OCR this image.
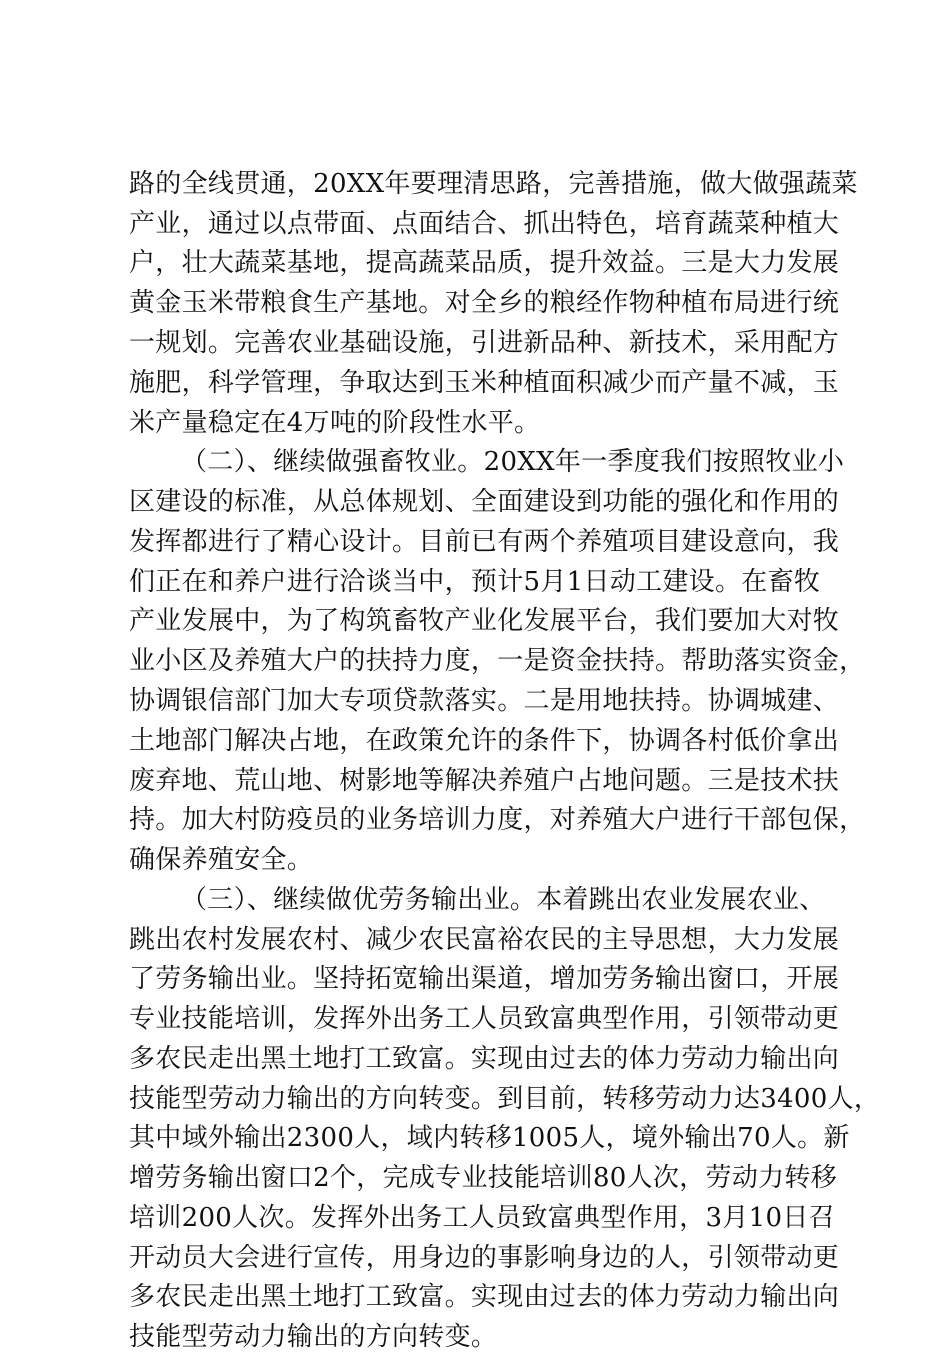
路的全线贯通，20XX年要理清思路，完善措施，做大做强蔬菜
产业，通过以点带面、点面结合、抓出特色，培育蔬菜种植大
户，壮大蔬菜基地，提高蔬菜品质，提升效益。三是大力发展
黄金玉米带粮食生产基地。对全乡的粮经作物种植布局进行统
一规划。完善农业基础设施，引进新品种、新技术，采用配方
施肥，科学管理，争取达到玉米种植面积减少而产量不减，玉
米产量稳定在4万吨的阶段性水平。
（二）、继续做强畜牧业。20XX年一季度我们按照牧业小
区建设的标准，从总体规划、全面建设到功能的强化和作用的
发挥都进行了精心设计。目前已有两个养殖项目建设意向，我
们正在和养户进行洽谈当中，预计5月1日动工建设。在畜牧
产业发展中，为了构筑畜牧产业化发展平台，我们要加大对牧
业小区及养殖大户的扶持力度，一是资金扶持。帮助落实资金，
协调银信部门加大专项贷款落实。二是用地扶持。协调城建、
土地部门解决占地，在政策允许的条件下，协调各村低价拿出
废弃地、荒山地、树影地等解决养殖户占地问题。三是技术扶
持。加大村防疫员的业务培训力度，对养殖大户进行干部包保，
确保养殖安全。
（三）、继续做优劳务输出业。本着跳出农业发展农业、
跳出农村发展农村、减少农民富裕农民的主导思想，大力发展
了劳务输出业。坚持拓宽输出渠道，增加劳务输出窗口，开展
专业技能培训，发挥外出务工人员致富典型作用，引领带动更
多农民走出黑土地打工致富。实现由过去的体力劳动力输出向
技能型劳动力输出的方向转变。到目前，转移劳动力达3400人，
其中域外输出2300人，域内转移1005人，境外输出70人。新
增劳务输出窗口2个，完成专业技能培训80人次，劳动力转移
培训200人次。发挥外出务工人员致富典型作用，3月10日召
开动员大会进行宣传，用身边的事影响身边的人，引领带动更
多农民走出黑土地打工致富。实现由过去的体力劳动力输出向
技能型劳动力输出的方向转变。
